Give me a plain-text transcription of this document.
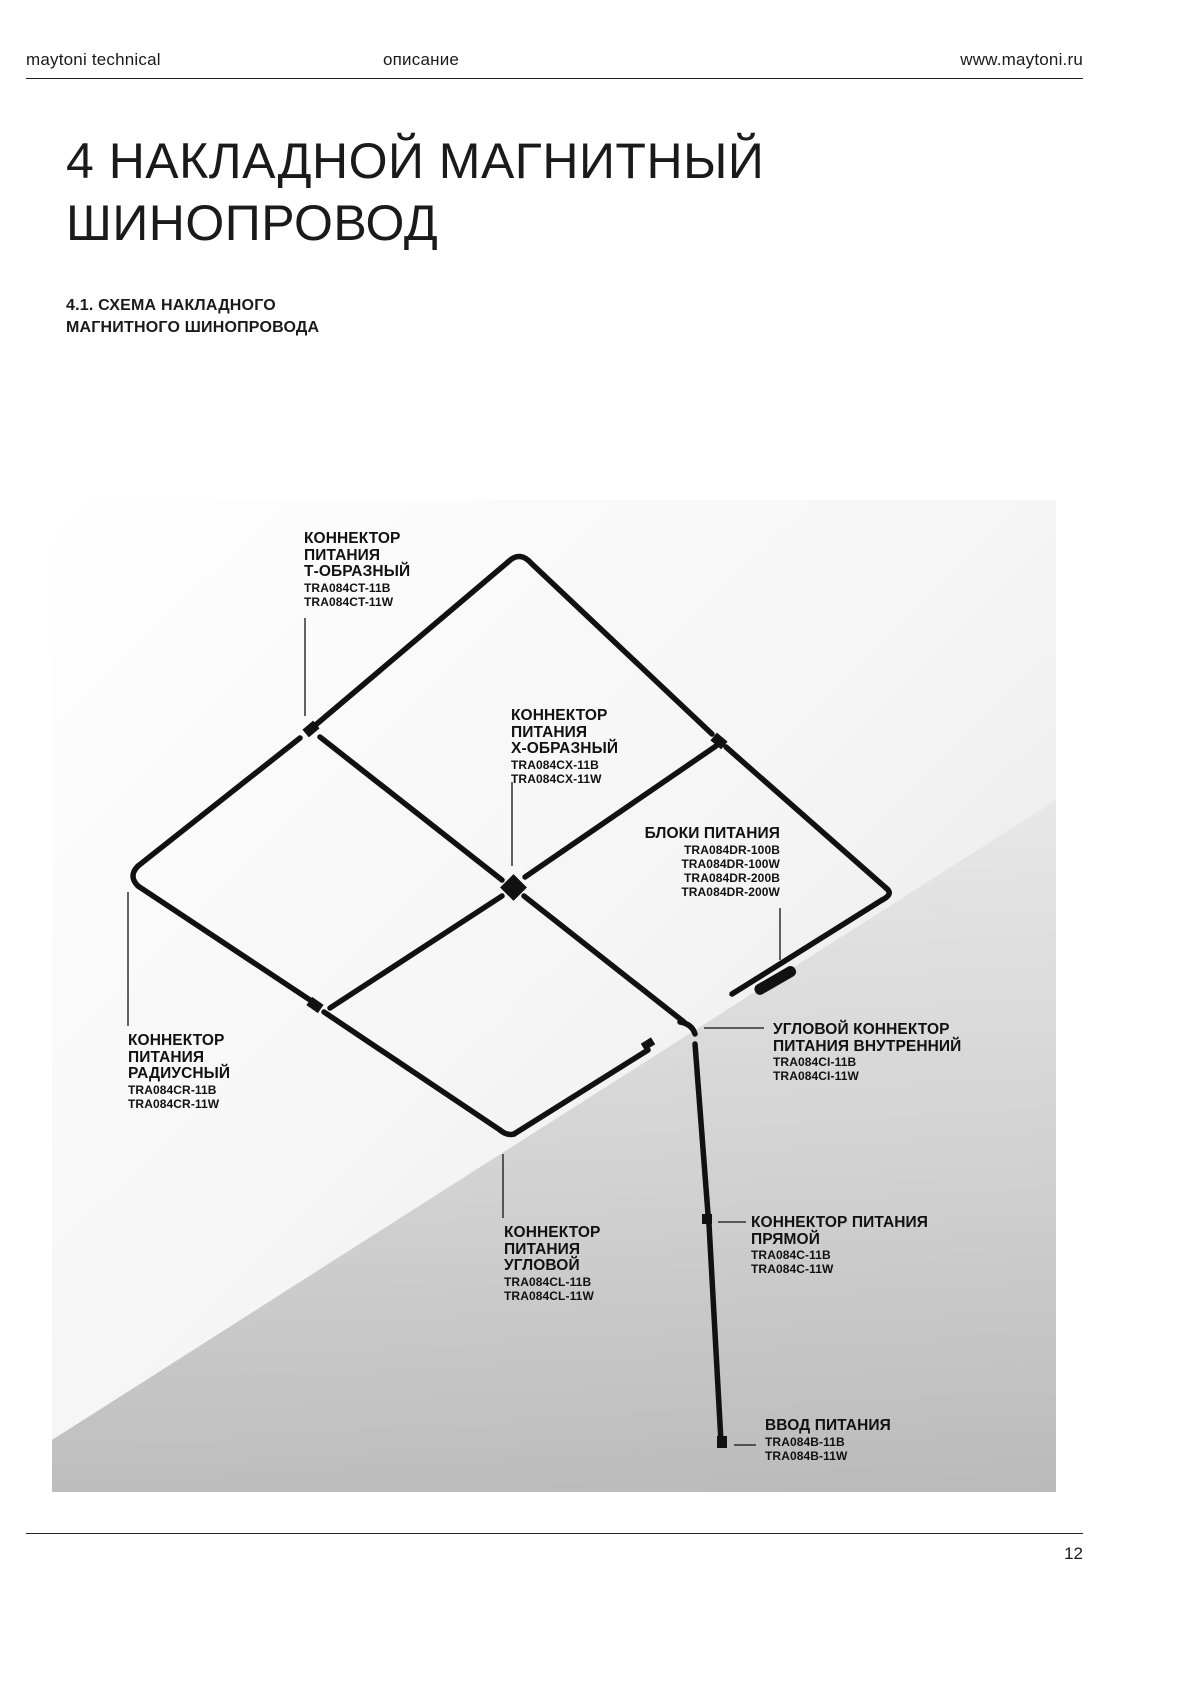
maytoni technical	описание	www.maytoni.ru
4 НАКЛАДНОЙ МАГНИТНЫЙ
ШИНОПРОВОД
4.1. СХЕМА НАКЛАДНОГО
МАГНИТНОГО ШИНОПРОВОДА
КОННЕКТОР
ПИТАНИЯ
Т-ОБРАЗНЫЙ
TRA084CT-11B
TRA084CT-11W
КОННЕКТОР
ПИТАНИЯ
Х-ОБРАЗНЫЙ
TRA084CX-11B
TRA084CX-11W
БЛОКИ ПИТАНИЯ
TRA084DR-100B
TRA084DR-100W
TRA084DR-200B
TRA084DR-200W
КОННЕКТОР
ПИТАНИЯ
РАДИУСНЫЙ
TRA084CR-11B
TRA084CR-11W
УГЛОВОЙ КОННЕКТОР
ПИТАНИЯ ВНУТРЕННИЙ
TRA084CI-11B
TRA084CI-11W
КОННЕКТОР
ПИТАНИЯ
УГЛОВОЙ
TRA084CL-11B
TRA084CL-11W
КОННЕКТОР ПИТАНИЯ
ПРЯМОЙ
TRA084C-11B
TRA084C-11W
ВВОД ПИТАНИЯ
TRA084B-11B
TRA084B-11W
12
